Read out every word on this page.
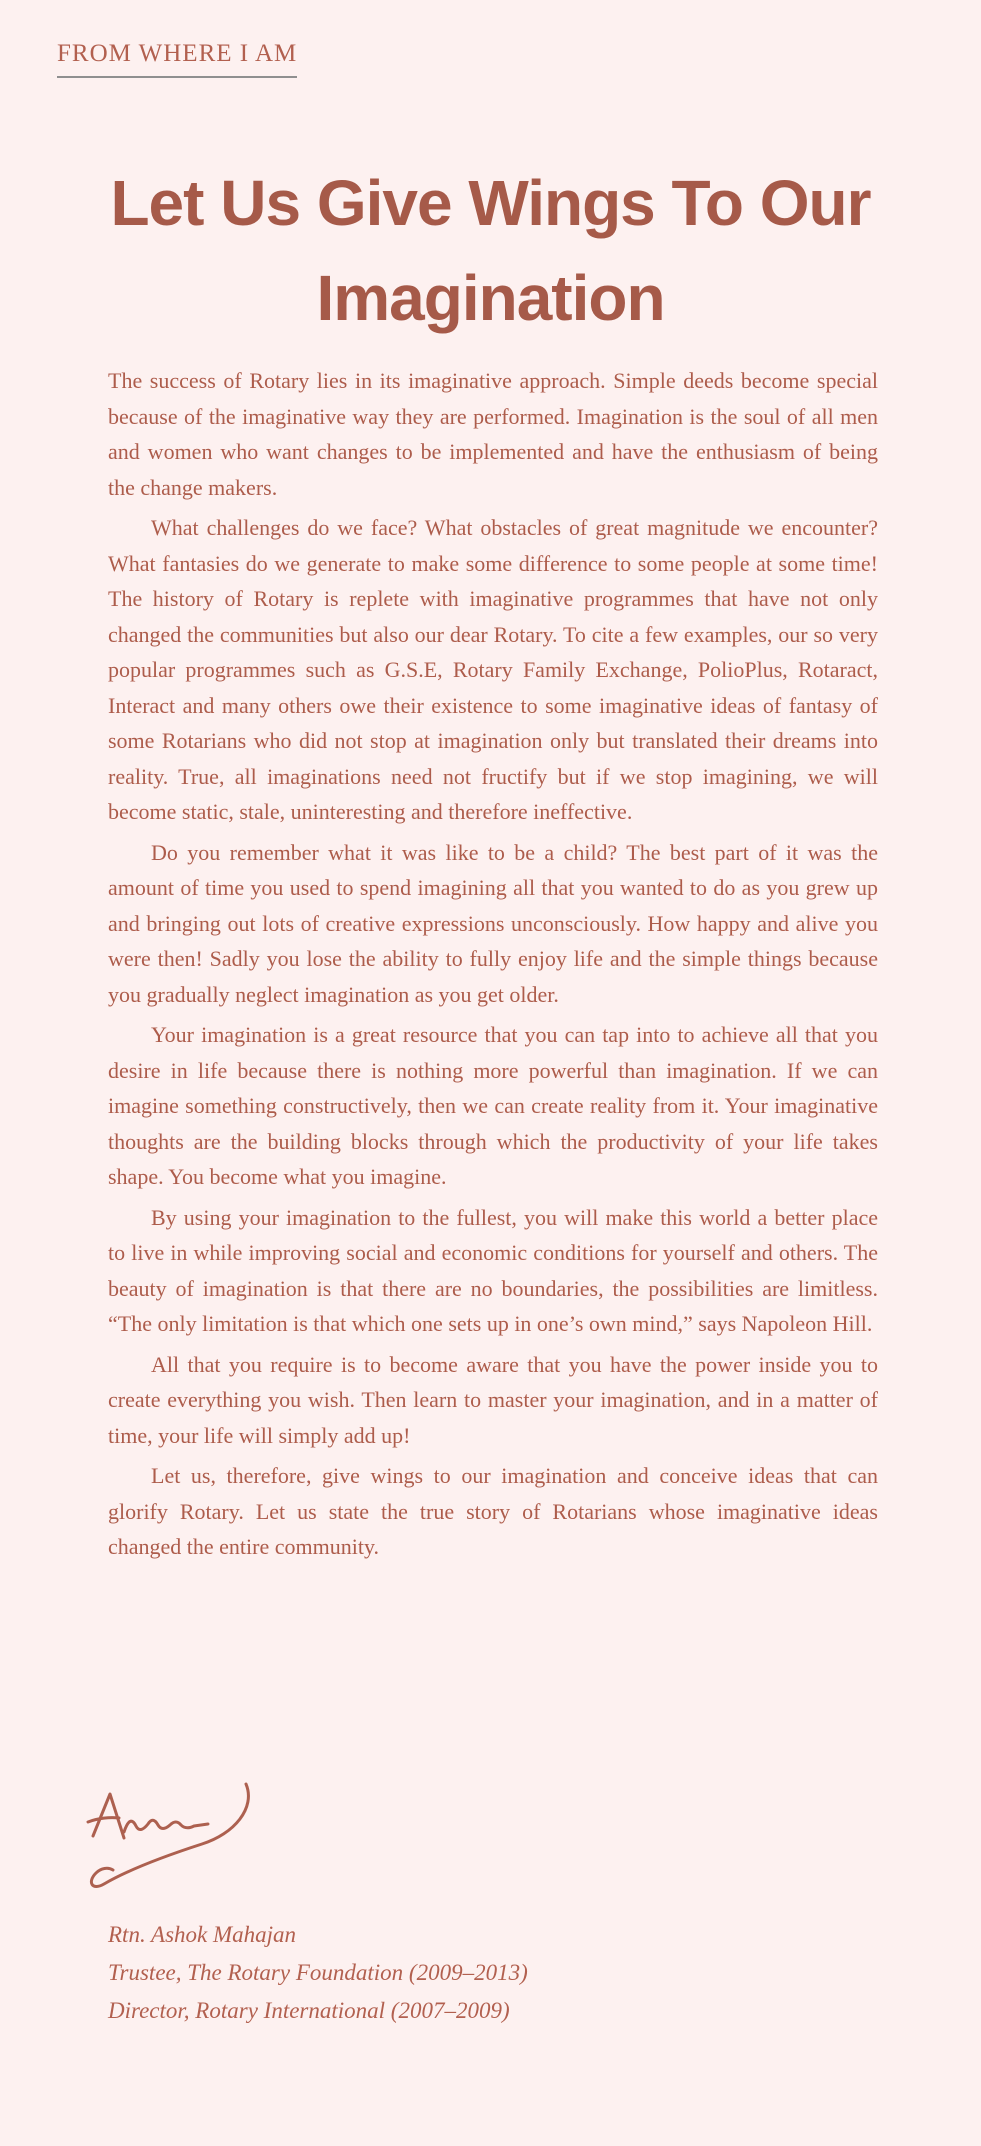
FROM WHERE I AM
Let Us Give Wings To Our
Imagination

The success of Rotary lies in its imaginative approach. Simple deeds become special because of the imaginative way they are performed. Imagination is the soul of all men and women who want changes to be implemented and have the enthusiasm of being the change makers.

What challenges do we face? What obstacles of great magnitude we encounter? What fantasies do we generate to make some difference to some people at some time! The history of Rotary is replete with imaginative programmes that have not only changed the communities but also our dear Rotary. To cite a few examples, our so very popular programmes such as G.S.E, Rotary Family Exchange, PolioPlus, Rotaract, Interact and many others owe their existence to some imaginative ideas of fantasy of some Rotarians who did not stop at imagination only but translated their dreams into reality. True, all imaginations need not fructify but if we stop imagining, we will become static, stale, uninteresting and therefore ineffective.

Do you remember what it was like to be a child? The best part of it was the amount of time you used to spend imagining all that you wanted to do as you grew up and bringing out lots of creative expressions unconsciously. How happy and alive you were then! Sadly you lose the ability to fully enjoy life and the simple things because you gradually neglect imagination as you get older.

Your imagination is a great resource that you can tap into to achieve all that you desire in life because there is nothing more powerful than imagination. If we can imagine something constructively, then we can create reality from it. Your imaginative thoughts are the building blocks through which the productivity of your life takes shape. You become what you imagine.

By using your imagination to the fullest, you will make this world a better place to live in while improving social and economic conditions for yourself and others. The beauty of imagination is that there are no boundaries, the possibilities are limitless. “The only limitation is that which one sets up in one’s own mind,” says Napoleon Hill.

All that you require is to become aware that you have the power inside you to create everything you wish. Then learn to master your imagination, and in a matter of time, your life will simply add up!

Let us, therefore, give wings to our imagination and conceive ideas that can glorify Rotary. Let us state the true story of Rotarians whose imaginative ideas changed the entire community.

Rtn. Ashok Mahajan
Trustee, The Rotary Foundation (2009–2013)
Director, Rotary International (2007–2009)
